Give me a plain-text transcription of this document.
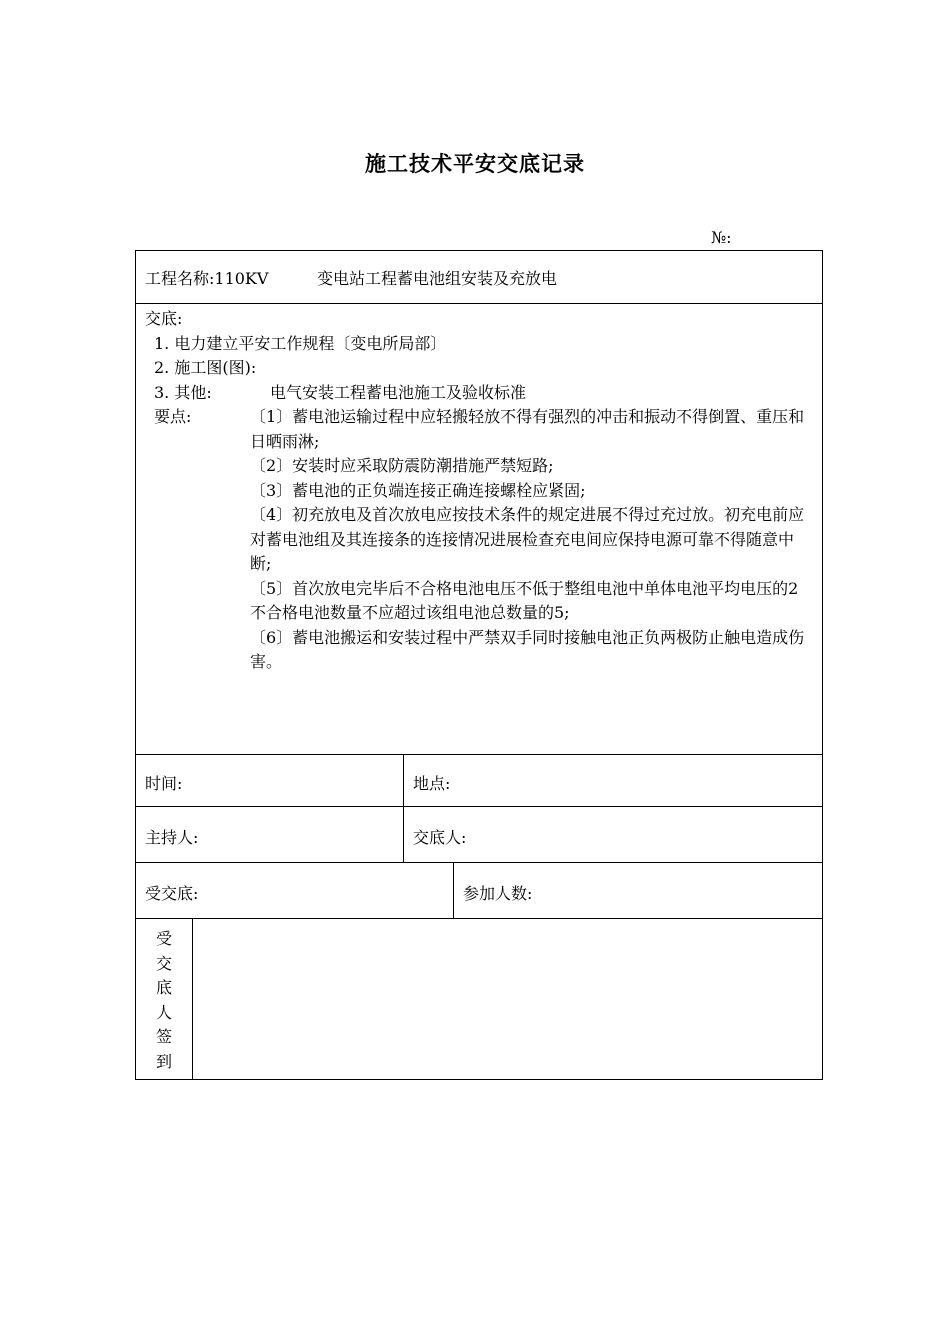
施工技术平安交底记录
№:
工程名称:110KV	变电站工程蓄电池组安装及充放电
交底:
1. 电力建立平安工作规程〔变电所局部〕
2. 施工图(图):
3. 其他:	电气安装工程蓄电池施工及验收标准
要点:	〔1〕蓄电池运输过程中应轻搬轻放不得有强烈的冲击和振动不得倒置、重压和日晒雨淋;

〔2〕安装时应采取防震防潮措施严禁短路;

〔3〕蓄电池的正负端连接正确连接螺栓应紧固;

〔4〕初充放电及首次放电应按技术条件的规定进展不得过充过放。初充电前应对蓄电池组及其连接条的连接情况进展检查充电间应保持电源可靠不得随意中断;

〔5〕首次放电完毕后不合格电池电压不低于整组电池中单体电池平均电压的2不合格电池数量不应超过该组电池总数量的5;

〔6〕蓄电池搬运和安装过程中严禁双手同时接触电池正负两极防止触电造成伤害。

时间:	地点:
主持人:	交底人:
受交底:	参加人数:
受
交
底
人
签
到
